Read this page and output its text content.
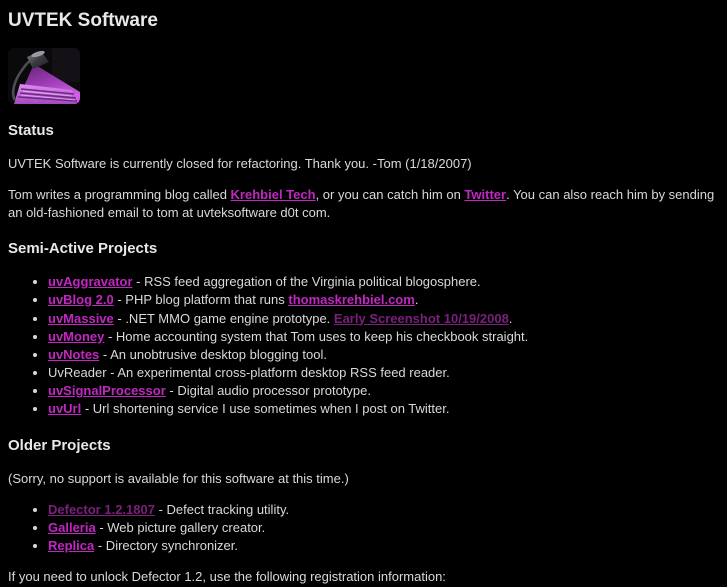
UVTEK Software
Status

UVTEK Software is currently closed for refactoring. Thank you. -Tom (1/18/2007)

Tom writes a programming blog called Krehbiel Tech, or you can catch him on Twitter. You can also reach him by sending an old-fashioned email to tom at uvteksoftware d0t com.

Semi-Active Projects
• uvAggravator - RSS feed aggregation of the Virginia political blogosphere.
• uvBlog 2.0 - PHP blog platform that runs thomaskrehbiel.com.
• uvMassive - .NET MMO game engine prototype. Early Screenshot 10/19/2008.
• uvMoney - Home accounting system that Tom uses to keep his checkbook straight.
• uvNotes - An unobtrusive desktop blogging tool.
• UvReader - An experimental cross-platform desktop RSS feed reader.
• uvSignalProcessor - Digital audio processor prototype.
• uvUrl - Url shortening service I use sometimes when I post on Twitter.
Older Projects

(Sorry, no support is available for this software at this time.)

• Defector 1.2.1807 - Defect tracking utility.
• Galleria - Web picture gallery creator.
• Replica - Directory synchronizer.

If you need to unlock Defector 1.2, use the following registration information:
